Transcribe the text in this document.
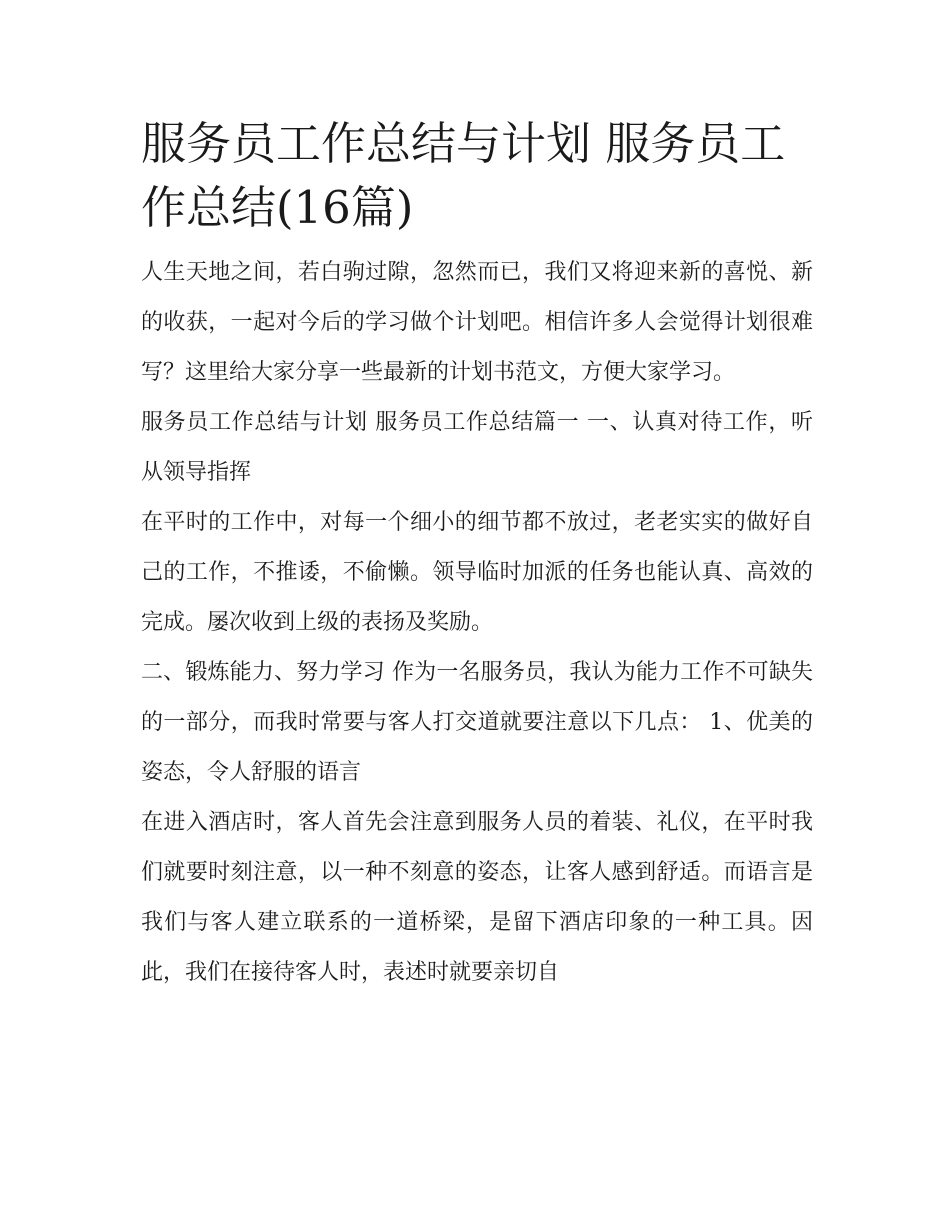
服务员工作总结与计划 服务员工作总结(16篇)

人生天地之间，若白驹过隙，忽然而已，我们又将迎来新的喜悦、新的收获，一起对今后的学习做个计划吧。相信许多人会觉得计划很难写？这里给大家分享一些最新的计划书范文，方便大家学习。

服务员工作总结与计划 服务员工作总结篇一 一、认真对待工作，听从领导指挥

在平时的工作中，对每一个细小的细节都不放过，老老实实的做好自己的工作，不推诿，不偷懒。领导临时加派的任务也能认真、高效的完成。屡次收到上级的表扬及奖励。

二、锻炼能力、努力学习 作为一名服务员，我认为能力工作不可缺失的一部分，而我时常要与客人打交道就要注意以下几点： 1、优美的姿态，令人舒服的语言

在进入酒店时，客人首先会注意到服务人员的着装、礼仪，在平时我们就要时刻注意，以一种不刻意的姿态，让客人感到舒适。而语言是我们与客人建立联系的一道桥梁，是留下酒店印象的一种工具。因此，我们在接待客人时，表述时就要亲切自
